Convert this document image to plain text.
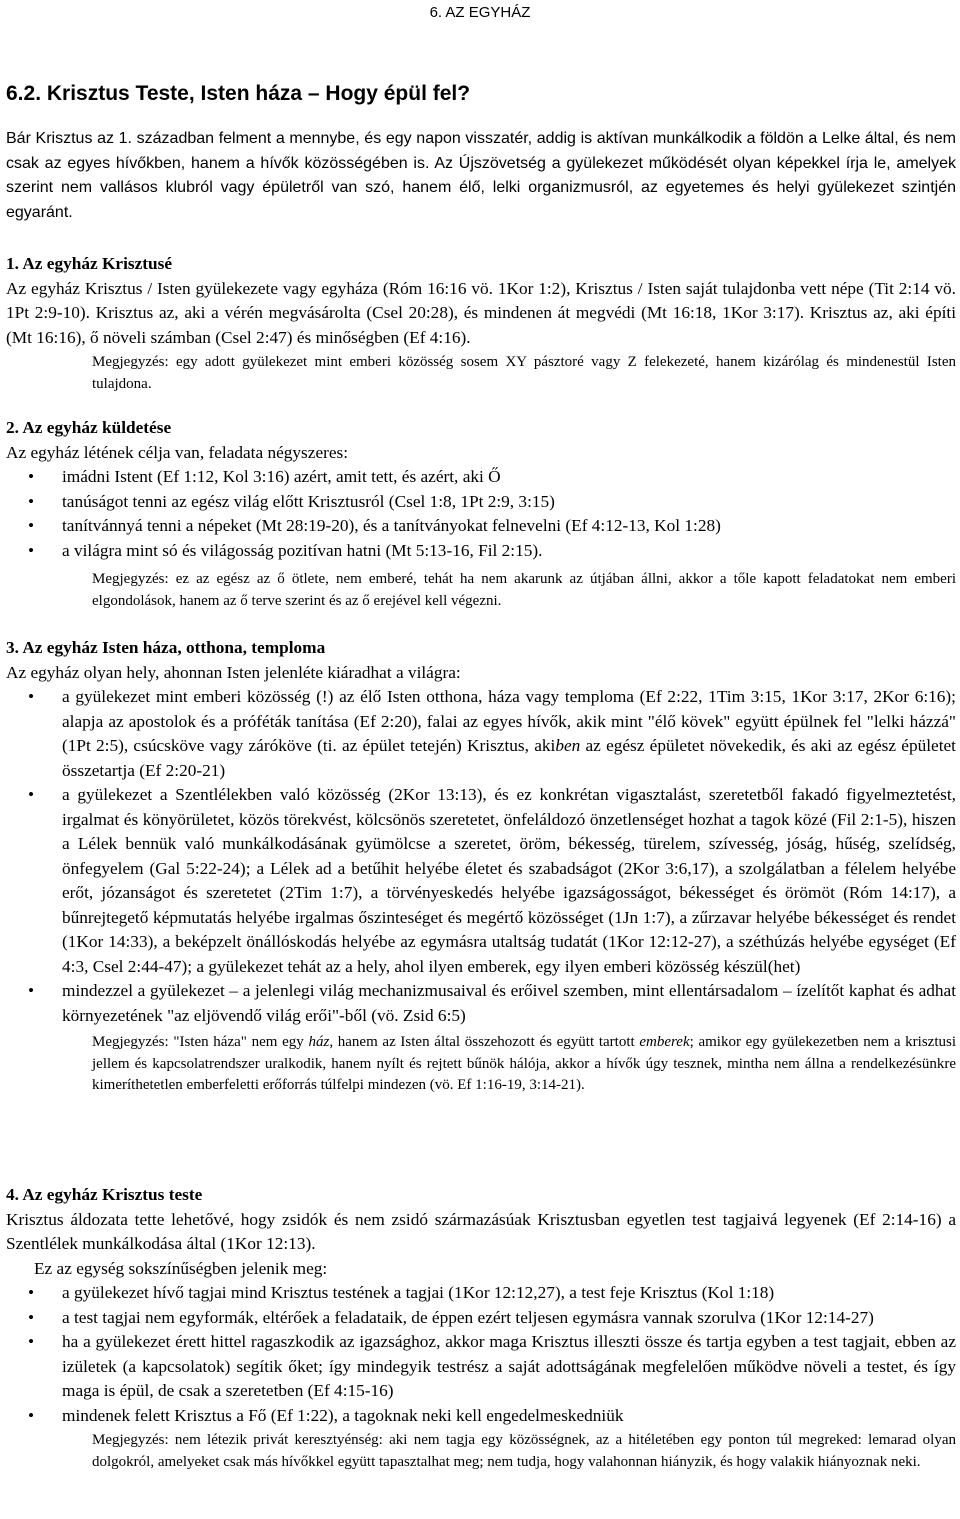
6. AZ EGYHÁZ
6.2. Krisztus Teste, Isten háza – Hogy épül fel?
Bár Krisztus az 1. században felment a mennybe, és egy napon visszatér, addig is aktívan munkálkodik a földön a Lelke által, és nem csak az egyes hívőkben, hanem a hívők közösségében is. Az Újszövetség a gyülekezet működését olyan képekkel írja le, amelyek szerint nem vallásos klubról vagy épületről van szó, hanem élő, lelki organizmusról, az egyetemes és helyi gyülekezet szintjén egyaránt.

1. Az egyház Krisztusé

Az egyház Krisztus / Isten gyülekezete vagy egyháza (Róm 16:16 vö. 1Kor 1:2), Krisztus / Isten saját tulajdonba vett népe (Tit 2:14 vö. 1Pt 2:9-10). Krisztus az, aki a vérén megvásárolta (Csel 20:28), és mindenen át megvédi (Mt 16:18, 1Kor 3:17). Krisztus az, aki építi (Mt 16:16), ő növeli számban (Csel 2:47) és minőségben (Ef 4:16).

Megjegyzés: egy adott gyülekezet mint emberi közösség sosem XY pásztoré vagy Z felekezeté, hanem kizárólag és mindenestül Isten tulajdona.

2. Az egyház küldetése

Az egyház létének célja van, feladata négyszeres:

• imádni Istent (Ef 1:12, Kol 3:16) azért, amit tett, és azért, aki Ő
• tanúságot tenni az egész világ előtt Krisztusról (Csel 1:8, 1Pt 2:9, 3:15)
• tanítvánnyá tenni a népeket (Mt 28:19-20), és a tanítványokat felnevelni (Ef 4:12-13, Kol 1:28)
• a világra mint só és világosság pozitívan hatni (Mt 5:13-16, Fil 2:15).

Megjegyzés: ez az egész az ő ötlete, nem emberé, tehát ha nem akarunk az útjában állni, akkor a tőle kapott feladatokat nem emberi elgondolások, hanem az ő terve szerint és az ő erejével kell végezni.

3. Az egyház Isten háza, otthona, temploma

Az egyház olyan hely, ahonnan Isten jelenléte kiáradhat a világra:

• a gyülekezet mint emberi közösség (!) az élő Isten otthona, háza vagy temploma (Ef 2:22, 1Tim 3:15, 1Kor 3:17, 2Kor 6:16); alapja az apostolok és a próféták tanítása (Ef 2:20), falai az egyes hívők, akik mint "élő kövek" együtt épülnek fel "lelki házzá" (1Pt 2:5), csúcsköve vagy záróköve (ti. az épület tetején) Krisztus, akiben az egész épületet növekedik, és aki az egész épületet összetartja (Ef 2:20-21)
• a gyülekezet a Szentlélekben való közösség (2Kor 13:13), és ez konkrétan vigasztalást, szeretetből fakadó figyelmeztetést, irgalmat és könyörületet, közös törekvést, kölcsönös szeretetet, önfeláldozó önzetlenséget hozhat a tagok közé (Fil 2:1-5), hiszen a Lélek bennük való munkálkodásának gyümölcse a szeretet, öröm, békesség, türelem, szívesség, jóság, hűség, szelídség, önfegyelem (Gal 5:22-24); a Lélek ad a betűhit helyébe életet és szabadságot (2Kor 3:6,17), a szolgálatban a félelem helyébe erőt, józanságot és szeretetet (2Tim 1:7), a törvényeskedés helyébe igazságosságot, békességet és örömöt (Róm 14:17), a bűnrejtegető képmutatás helyébe irgalmas őszinteséget és megértő közösséget (1Jn 1:7), a zűrzavar helyébe békességet és rendet (1Kor 14:33), a beképzelt önállóskodás helyébe az egymásra utaltság tudatát (1Kor 12:12-27), a széthúzás helyébe egységet (Ef 4:3, Csel 2:44-47); a gyülekezet tehát az a hely, ahol ilyen emberek, egy ilyen emberi közösség készül(het)
• mindezzel a gyülekezet – a jelenlegi világ mechanizmusaival és erőivel szemben, mint ellentársadalom – ízelítőt kaphat és adhat környezetének "az eljövendő világ erői"-ből (vö. Zsid 6:5)

Megjegyzés: "Isten háza" nem egy ház, hanem az Isten által összehozott és együtt tartott emberek; amikor egy gyülekezetben nem a krisztusi jellem és kapcsolatrendszer uralkodik, hanem nyílt és rejtett bűnök hálója, akkor a hívők úgy tesznek, mintha nem állna a rendelkezésünkre kimeríthetetlen emberfeletti erőforrás túlfelpi mindezen (vö. Ef 1:16-19, 3:14-21).

4. Az egyház Krisztus teste

Krisztus áldozata tette lehetővé, hogy zsidók és nem zsidó származásúak Krisztusban egyetlen test tagjaivá legyenek (Ef 2:14-16) a Szentlélek munkálkodása által (1Kor 12:13).

Ez az egység sokszínűségben jelenik meg:

• a gyülekezet hívő tagjai mind Krisztus testének a tagjai (1Kor 12:12,27), a test feje Krisztus (Kol 1:18)
• a test tagjai nem egyformák, eltérőek a feladataik, de éppen ezért teljesen egymásra vannak szorulva (1Kor 12:14-27)
• ha a gyülekezet érett hittel ragaszkodik az igazsághoz, akkor maga Krisztus illeszti össze és tartja egyben a test tagjait, ebben az izületek (a kapcsolatok) segítik őket; így mindegyik testrész a saját adottságának megfelelően működve növeli a testet, és így maga is épül, de csak a szeretetben (Ef 4:15-16)
• mindenek felett Krisztus a Fő (Ef 1:22), a tagoknak neki kell engedelmeskedniük

Megjegyzés: nem létezik privát keresztyénség: aki nem tagja egy közösségnek, az a hitéletében egy ponton túl megreked: lemarad olyan dolgokról, amelyeket csak más hívőkkel együtt tapasztalhat meg; nem tudja, hogy valahonnan hiányzik, és hogy valakik hiányoznak neki.
